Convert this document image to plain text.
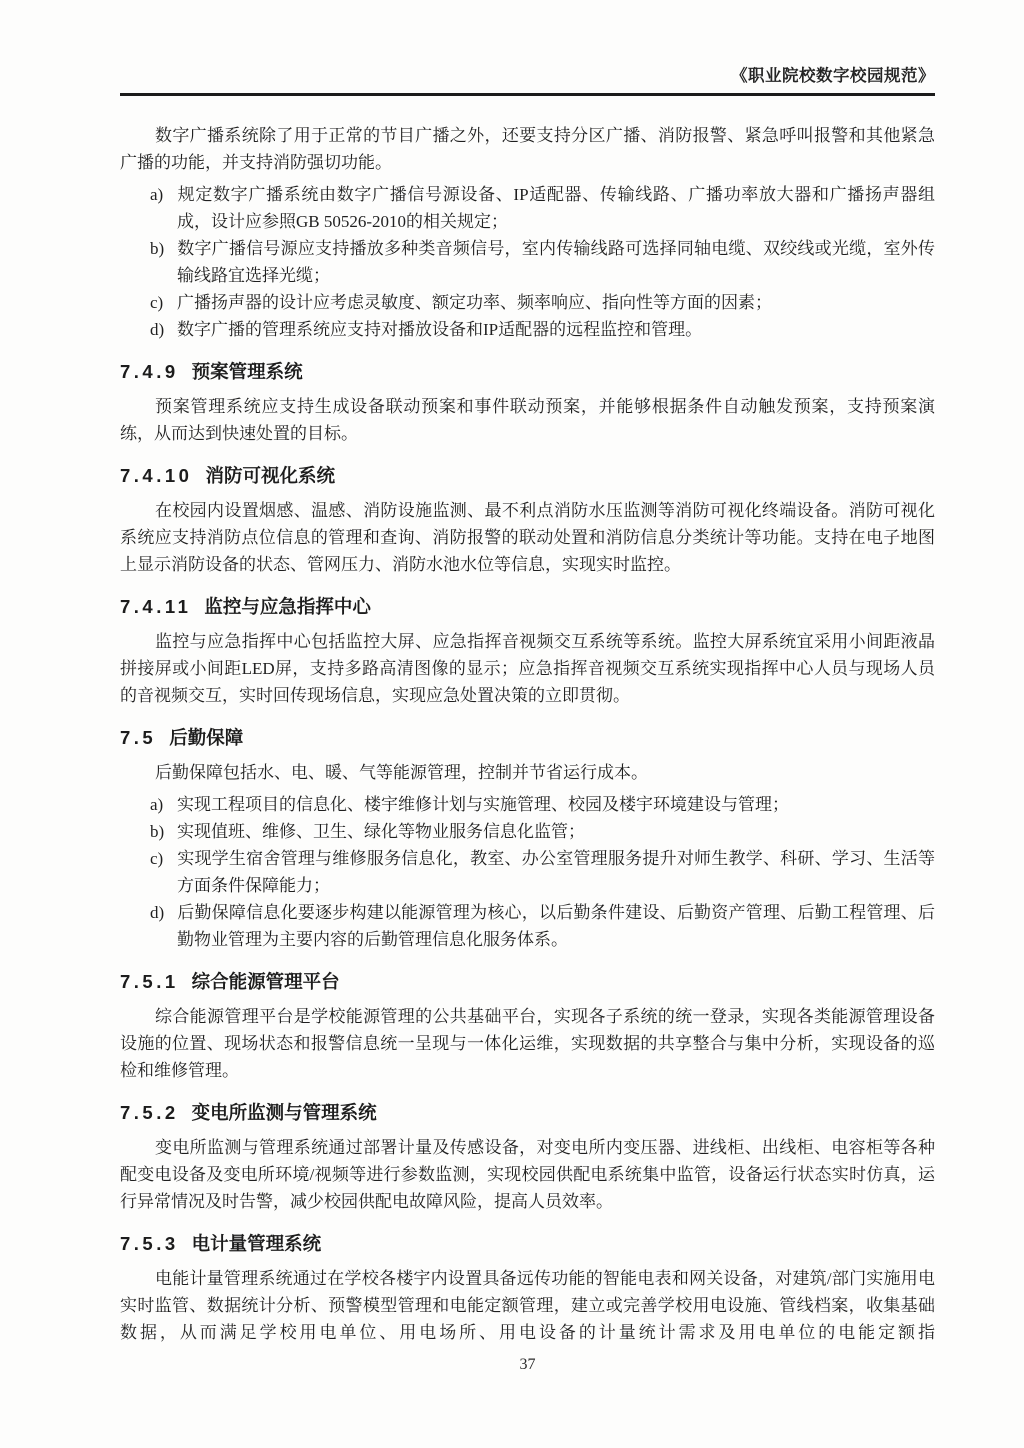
《职业院校数字校园规范》

数字广播系统除了用于正常的节目广播之外，还要支持分区广播、消防报警、紧急呼叫报警和其他紧急广播的功能，并支持消防强切功能。

a) 规定数字广播系统由数字广播信号源设备、IP适配器、传输线路、广播功率放大器和广播扬声器组成，设计应参照GB 50526-2010的相关规定；
b) 数字广播信号源应支持播放多种类音频信号，室内传输线路可选择同轴电缆、双绞线或光缆，室外传输线路宜选择光缆；
c) 广播扬声器的设计应考虑灵敏度、额定功率、频率响应、指向性等方面的因素；
d) 数字广播的管理系统应支持对播放设备和IP适配器的远程监控和管理。
7.4.9 预案管理系统

预案管理系统应支持生成设备联动预案和事件联动预案，并能够根据条件自动触发预案，支持预案演练，从而达到快速处置的目标。

7.4.10 消防可视化系统

在校园内设置烟感、温感、消防设施监测、最不利点消防水压监测等消防可视化终端设备。消防可视化系统应支持消防点位信息的管理和查询、消防报警的联动处置和消防信息分类统计等功能。支持在电子地图上显示消防设备的状态、管网压力、消防水池水位等信息，实现实时监控。

7.4.11 监控与应急指挥中心

监控与应急指挥中心包括监控大屏、应急指挥音视频交互系统等系统。监控大屏系统宜采用小间距液晶拼接屏或小间距LED屏，支持多路高清图像的显示；应急指挥音视频交互系统实现指挥中心人员与现场人员的音视频交互，实时回传现场信息，实现应急处置决策的立即贯彻。

7.5 后勤保障

后勤保障包括水、电、暖、气等能源管理，控制并节省运行成本。

a) 实现工程项目的信息化、楼宇维修计划与实施管理、校园及楼宇环境建设与管理；
b) 实现值班、维修、卫生、绿化等物业服务信息化监管；
c) 实现学生宿舍管理与维修服务信息化，教室、办公室管理服务提升对师生教学、科研、学习、生活等方面条件保障能力；
d) 后勤保障信息化要逐步构建以能源管理为核心，以后勤条件建设、后勤资产管理、后勤工程管理、后勤物业管理为主要内容的后勤管理信息化服务体系。
7.5.1 综合能源管理平台

综合能源管理平台是学校能源管理的公共基础平台，实现各子系统的统一登录，实现各类能源管理设备设施的位置、现场状态和报警信息统一呈现与一体化运维，实现数据的共享整合与集中分析，实现设备的巡检和维修管理。

7.5.2 变电所监测与管理系统

变电所监测与管理系统通过部署计量及传感设备，对变电所内变压器、进线柜、出线柜、电容柜等各种配变电设备及变电所环境/视频等进行参数监测，实现校园供配电系统集中监管，设备运行状态实时仿真，运行异常情况及时告警，减少校园供配电故障风险，提高人员效率。

7.5.3 电计量管理系统

电能计量管理系统通过在学校各楼宇内设置具备远传功能的智能电表和网关设备，对建筑/部门实施用电实时监管、数据统计分析、预警模型管理和电能定额管理，建立或完善学校用电设施、管线档案，收集基础数据，从而满足学校用电单位、用电场所、用电设备的计量统计需求及用电单位的电能定额指

37
